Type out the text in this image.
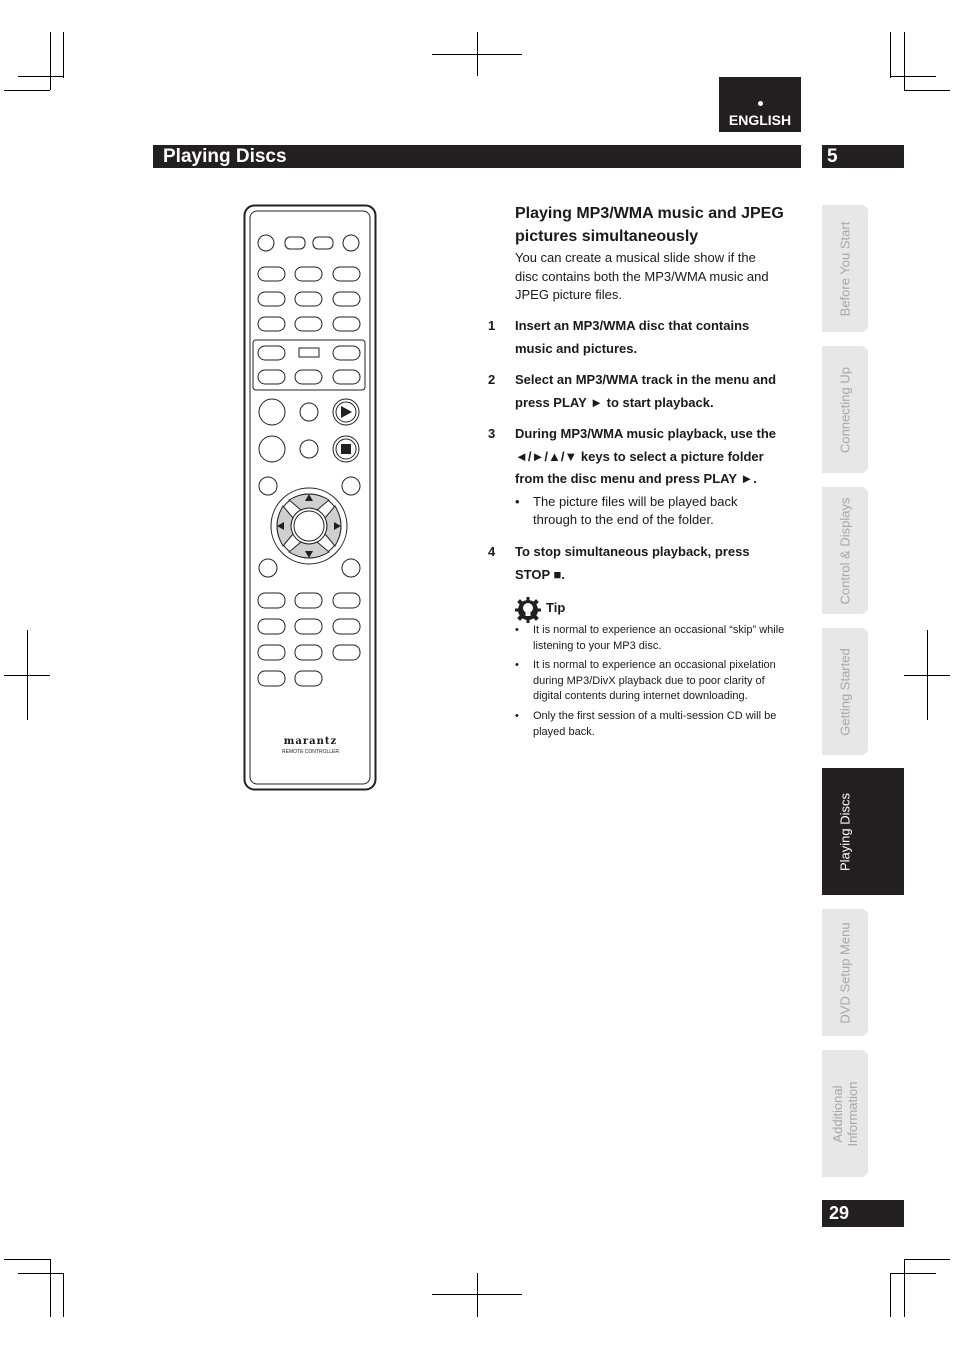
ENGLISH
Playing Discs	5
Before You Start
Connecting Up
Control & Displays
Getting Started
Playing Discs
DVD Setup Menu
Additional Information
marantz
REMOTE CONTROLLER
Playing MP3/WMA music and JPEG
pictures simultaneously
You can create a musical slide show if the
disc contains both the MP3/WMA music and
JPEG picture files.
1 Insert an MP3/WMA disc that contains
music and pictures.
2 Select an MP3/WMA track in the menu and
press PLAY ► to start playback.
3 During MP3/WMA music playback, use the
◄/►/▲/▼ keys to select a picture folder
from the disc menu and press PLAY ►.
• The picture files will be played back
through to the end of the folder.
4 To stop simultaneous playback, press
STOP ■.
Tip
• It is normal to experience an occasional “skip” while
listening to your MP3 disc.
• It is normal to experience an occasional pixelation
during MP3/DivX playback due to poor clarity of
digital contents during internet downloading.
• Only the first session of a multi-session CD will be
played back.
29
